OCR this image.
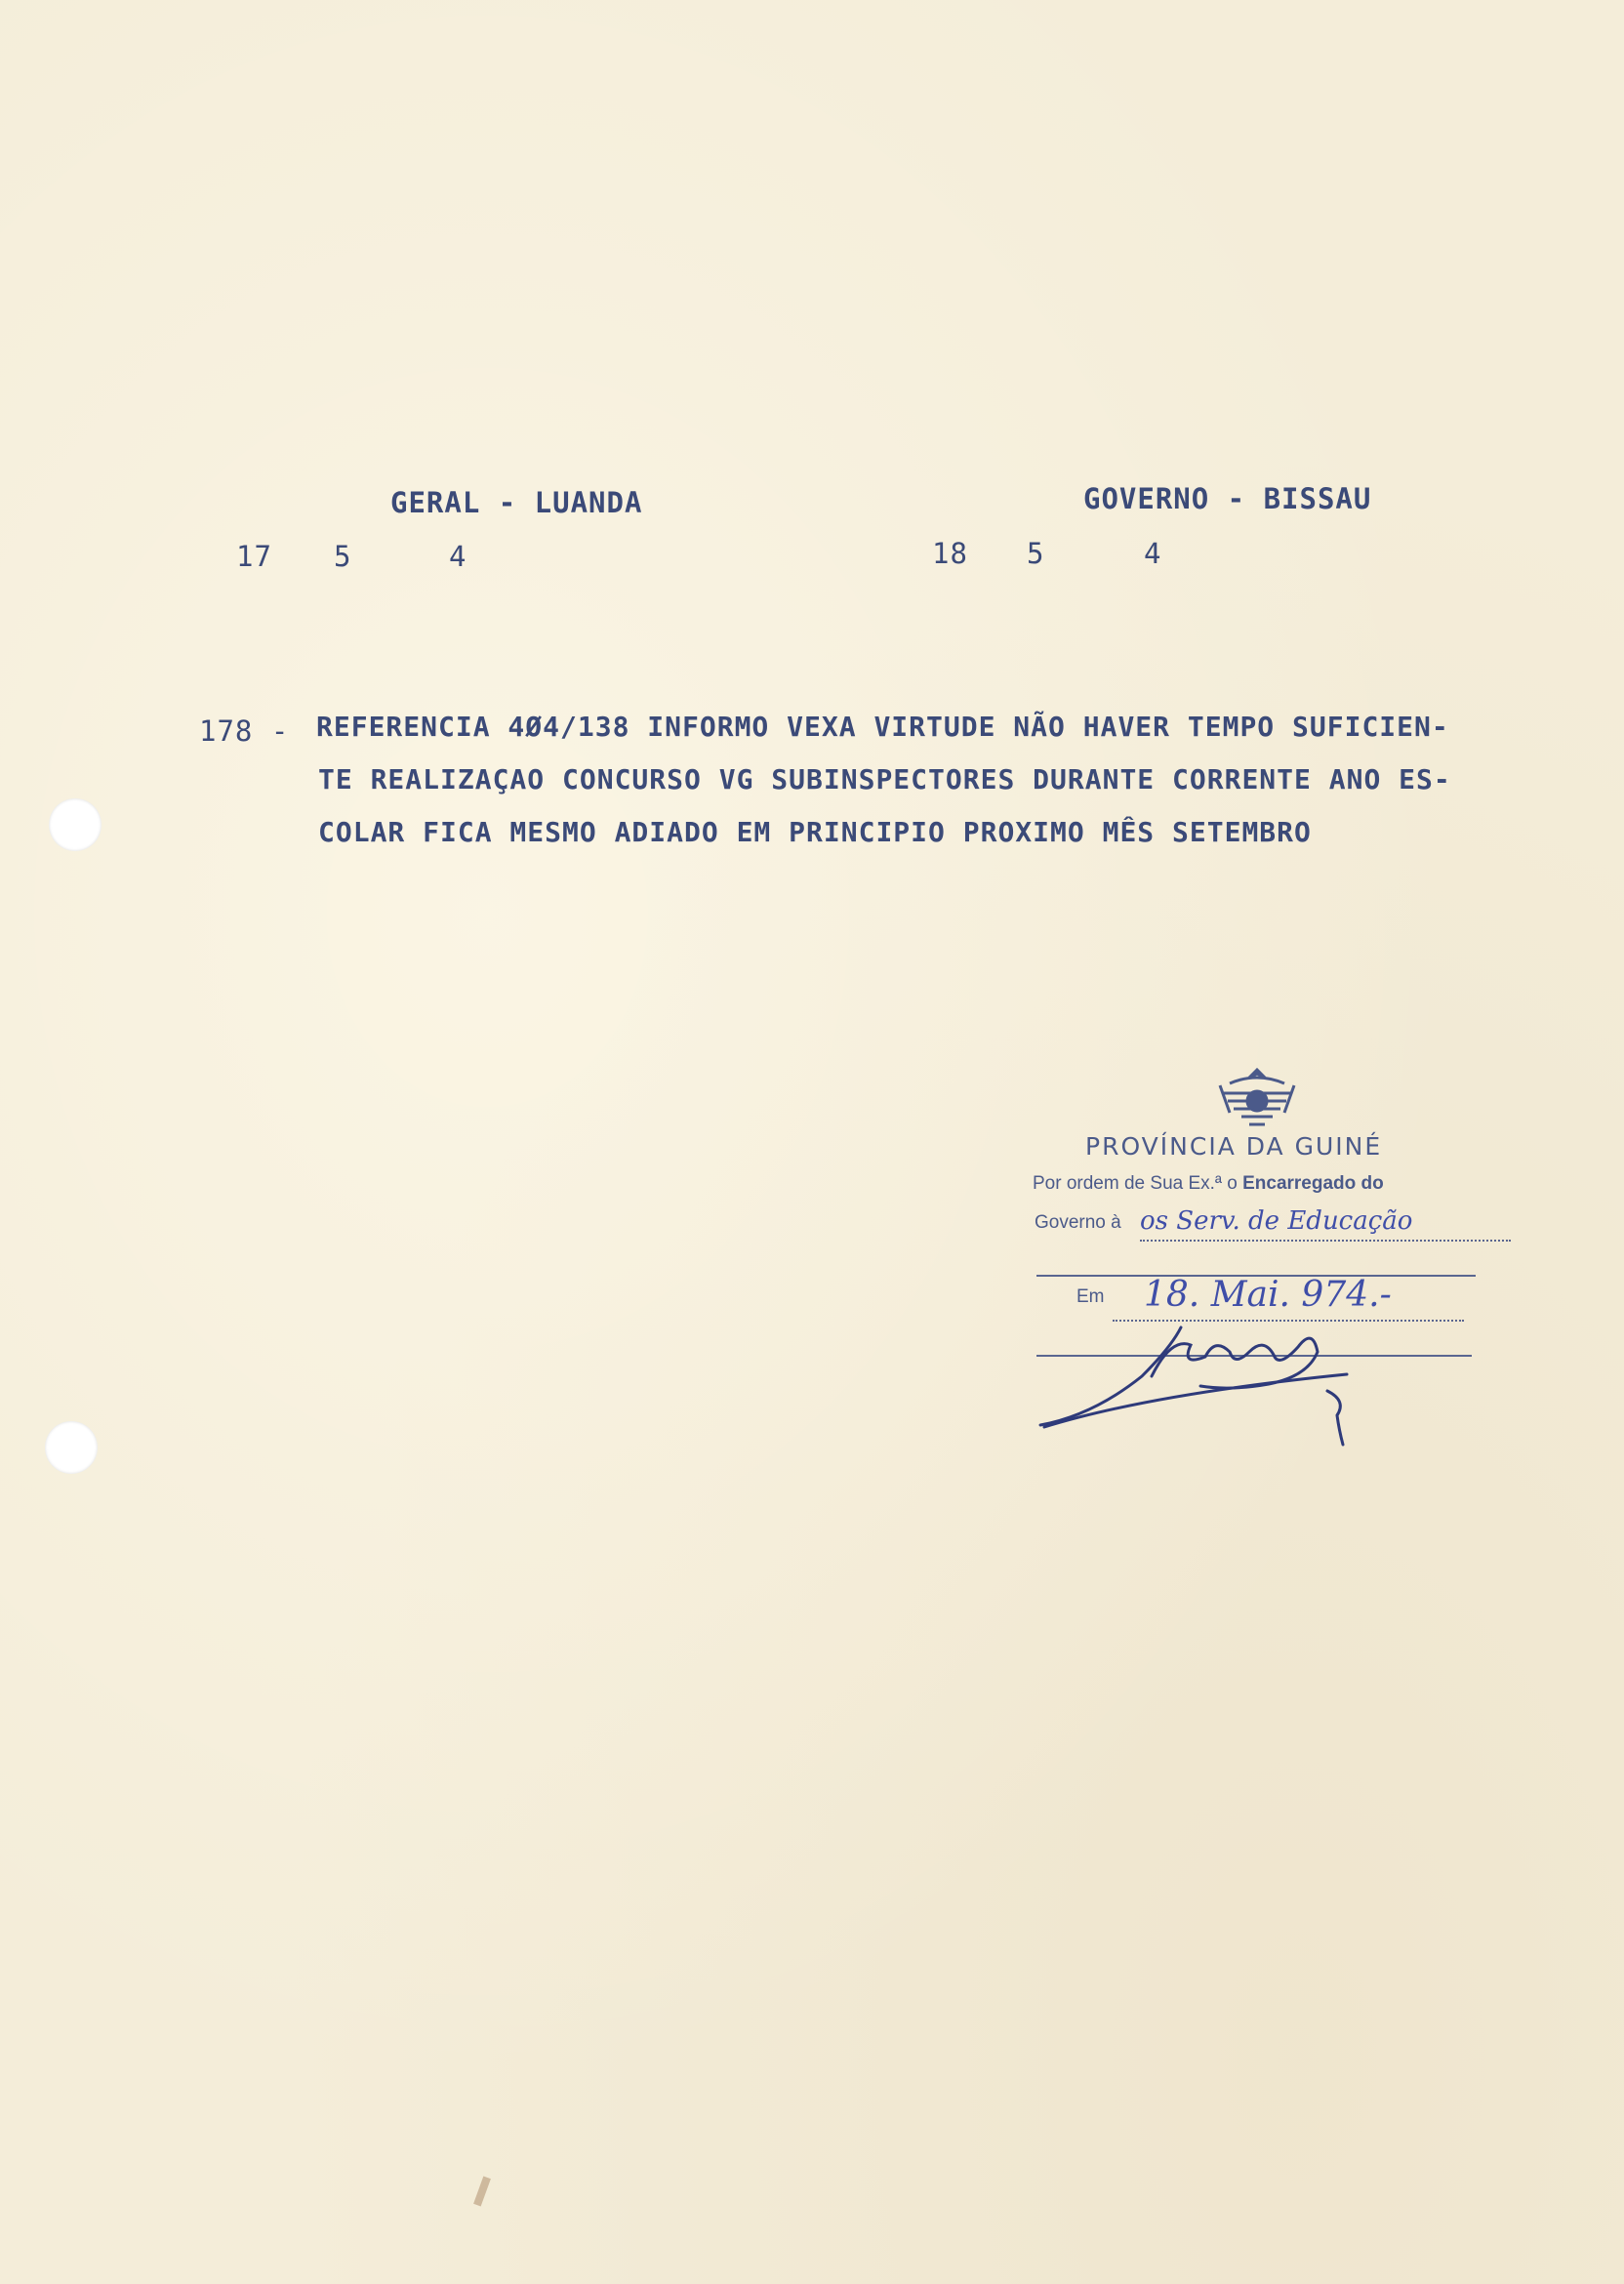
GERAL - LUANDA
17 5	4
GOVERNO - BISSAU
18 5	4
178 - REFERENCIA 4Ø4/138 INFORMO VEXA VIRTUDE NÃO HAVER TEMPO SUFICIEN-
TE REALIZAÇAO CONCURSO VG SUBINSPECTORES DURANTE CORRENTE ANO ES-
COLAR FICA MESMO ADIADO EM PRINCIPIO PROXIMO MÊS SETEMBRO
PROVÍNCIA DA GUINÉ
Por ordem de Sua Ex.ª o Encarregado do
Governo à os Serv. de Educação
Em 18. Mai. 974.-
